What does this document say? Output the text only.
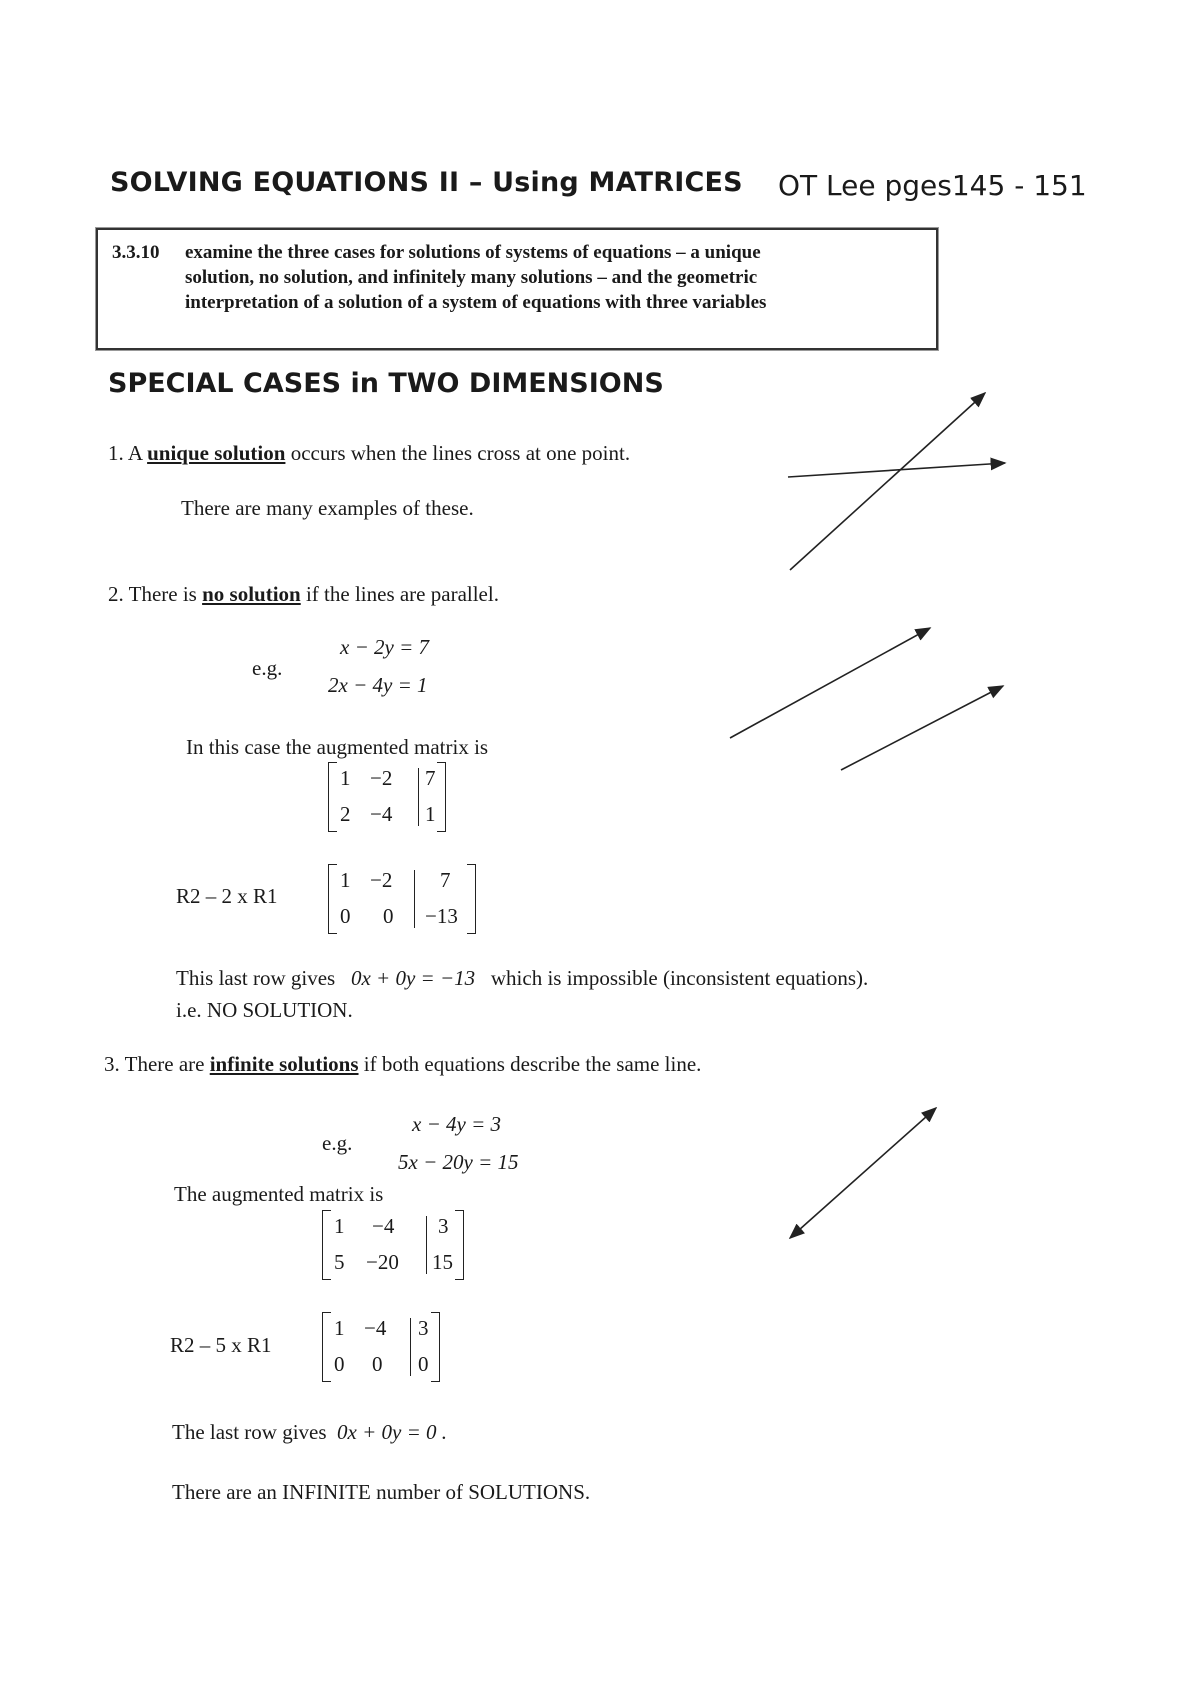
SOLVING EQUATIONS II – Using MATRICES OT Lee pges145 - 151
3.3.10 examine the three cases for solutions of systems of equations – a unique
solution, no solution, and infinitely many solutions – and the geometric
interpretation of a solution of a system of equations with three variables
SPECIAL CASES in TWO DIMENSIONS
1. A unique solution occurs when the lines cross at one point.
There are many examples of these.
2. There is no solution if the lines are parallel.
e.g.
x − 2y = 7
2x − 4y = 1
In this case the augmented matrix is
1 −2 7
2 −4 1
R2 – 2 x R1
1 −2 7
0 0 −13
This last row gives 0x + 0y = −13 which is impossible (inconsistent equations).
i.e. NO SOLUTION.
3. There are infinite solutions if both equations describe the same line.
e.g.
x − 4y = 3
5x − 20y = 15
The augmented matrix is
1 −4 3
5 −20 15
R2 – 5 x R1
1 −4 3
0 0 0
The last row gives 0x + 0y = 0 .
There are an INFINITE number of SOLUTIONS.
